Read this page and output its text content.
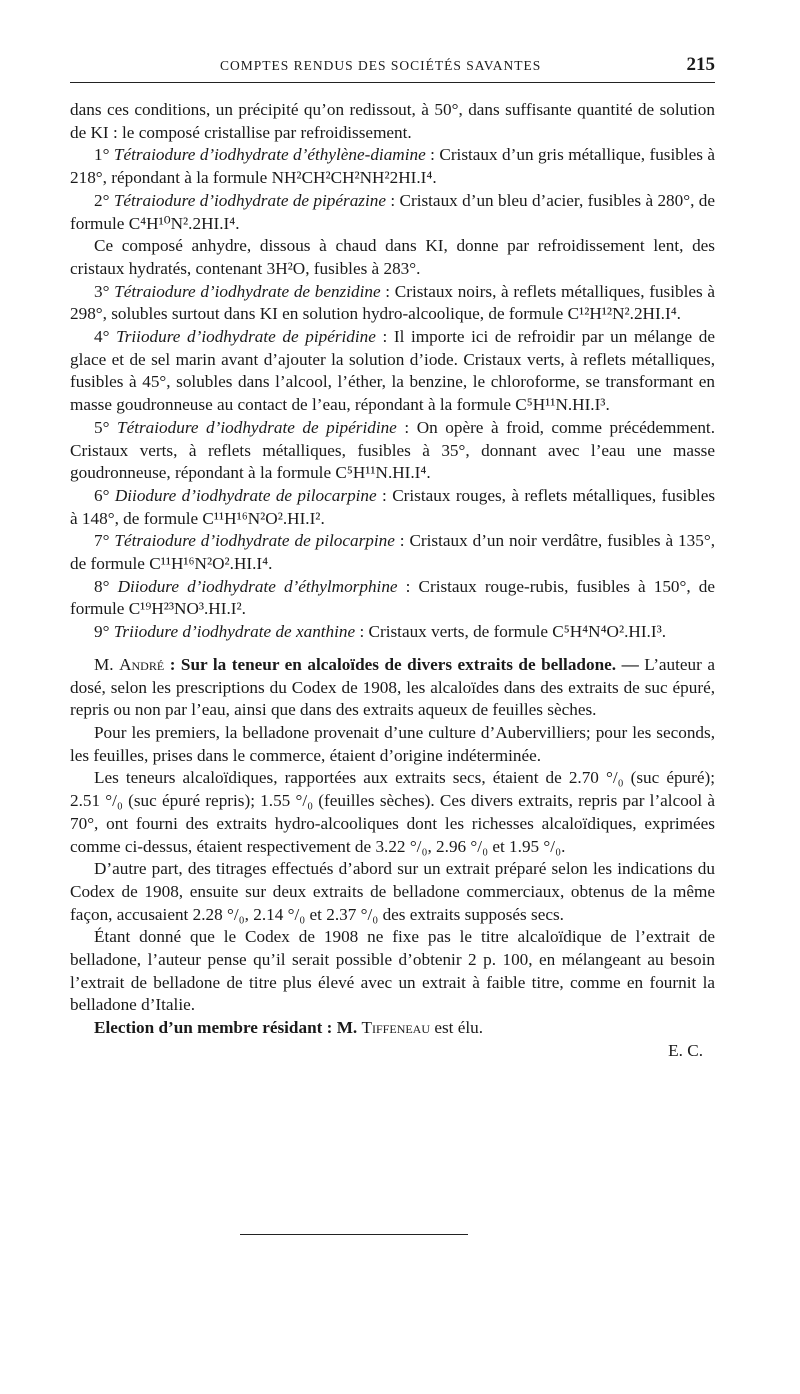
COMPTES RENDUS DES SOCIÉTÉS SAVANTES	215

dans ces conditions, un précipité qu’on redissout, à 50°, dans suffisante quantité de solution de KI : le composé cristallise par refroidissement.

1° Tétraiodure d’iodhydrate d’éthylène-diamine : Cristaux d’un gris métallique, fusibles à 218°, répondant à la formule NH²CH²CH²NH²2HI.I⁴.

2° Tétraiodure d’iodhydrate de pipérazine : Cristaux d’un bleu d’acier, fusibles à 280°, de formule C⁴H¹⁰N².2HI.I⁴.

Ce composé anhydre, dissous à chaud dans KI, donne par refroidissement lent, des cristaux hydratés, contenant 3H²O, fusibles à 283°.

3° Tétraiodure d’iodhydrate de benzidine : Cristaux noirs, à reflets métalliques, fusibles à 298°, solubles surtout dans KI en solution hydro-alcoolique, de formule C¹²H¹²N².2HI.I⁴.

4° Triiodure d’iodhydrate de pipéridine : Il importe ici de refroidir par un mélange de glace et de sel marin avant d’ajouter la solution d’iode. Cristaux verts, à reflets métalliques, fusibles à 45°, solubles dans l’alcool, l’éther, la benzine, le chloroforme, se transformant en masse goudronneuse au contact de l’eau, répondant à la formule C⁵H¹¹N.HI.I³.

5° Tétraiodure d’iodhydrate de pipéridine : On opère à froid, comme précédemment. Cristaux verts, à reflets métalliques, fusibles à 35°, donnant avec l’eau une masse goudronneuse, répondant à la formule C⁵H¹¹N.HI.I⁴.

6° Diiodure d’iodhydrate de pilocarpine : Cristaux rouges, à reflets métalliques, fusibles à 148°, de formule C¹¹H¹⁶N²O².HI.I².

7° Tétraiodure d’iodhydrate de pilocarpine : Cristaux d’un noir verdâtre, fusibles à 135°, de formule C¹¹H¹⁶N²O².HI.I⁴.

8° Diiodure d’iodhydrate d’éthylmorphine : Cristaux rouge-rubis, fusibles à 150°, de formule C¹⁹H²³NO³.HI.I².

9° Triiodure d’iodhydrate de xanthine : Cristaux verts, de formule C⁵H⁴N⁴O².HI.I³.

M. André : Sur la teneur en alcaloïdes de divers extraits de belladone. — L’auteur a dosé, selon les prescriptions du Codex de 1908, les alcaloïdes dans des extraits de suc épuré, repris ou non par l’eau, ainsi que dans des extraits aqueux de feuilles sèches.

Pour les premiers, la belladone provenait d’une culture d’Aubervilliers; pour les seconds, les feuilles, prises dans le commerce, étaient d’origine indéterminée.

Les teneurs alcaloïdiques, rapportées aux extraits secs, étaient de 2.70 °/₀ (suc épuré); 2.51 °/₀ (suc épuré repris); 1.55 °/₀ (feuilles sèches). Ces divers extraits, repris par l’alcool à 70°, ont fourni des extraits hydro-alcooliques dont les richesses alcaloïdiques, exprimées comme ci-dessus, étaient respectivement de 3.22 °/₀, 2.96 °/₀ et 1.95 °/₀.

D’autre part, des titrages effectués d’abord sur un extrait préparé selon les indications du Codex de 1908, ensuite sur deux extraits de belladone commerciaux, obtenus de la même façon, accusaient 2.28 °/₀, 2.14 °/₀ et 2.37 °/₀ des extraits supposés secs.

Étant donné que le Codex de 1908 ne fixe pas le titre alcaloïdique de l’extrait de belladone, l’auteur pense qu’il serait possible d’obtenir 2 p. 100, en mélangeant au besoin l’extrait de belladone de titre plus élevé avec un extrait à faible titre, comme en fournit la belladone d’Italie.

Election d’un membre résidant : M. Tiffeneau est élu.

E. C.
